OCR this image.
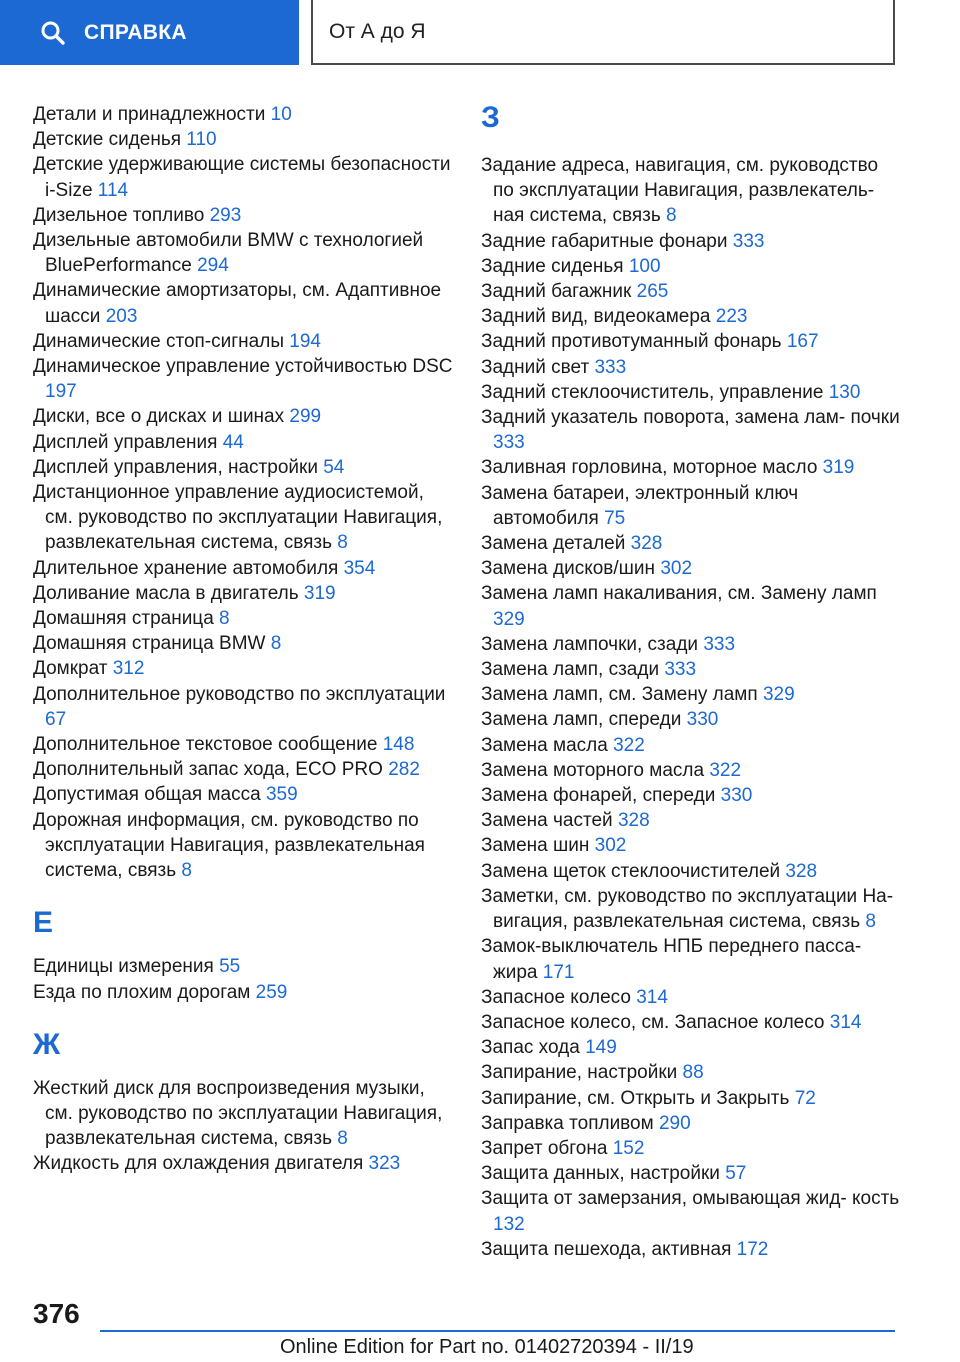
СПРАВКА	От А до Я
Детали и принадлежности 10
Детские сиденья 110
Детские удерживающие системы безопасности i-Size 114
Дизельное топливо 293
Дизельные автомобили BMW с технологией BluePerformance 294
Динамические амортизаторы, см. Адаптивное шасси 203
Динамические стоп-сигналы 194
Динамическое управление устойчивостью DSC 197
Диски, все о дисках и шинах 299
Дисплей управления 44
Дисплей управления, настройки 54
Дистанционное управление аудиосистемой, см. руководство по эксплуатации Навигация, развлекательная система, связь 8
Длительное хранение автомобиля 354
Доливание масла в двигатель 319
Домашняя страница 8
Домашняя страница BMW 8
Домкрат 312
Дополнительное руководство по эксплуатации 67
Дополнительное текстовое сообщение 148
Дополнительный запас хода, ECO PRO 282
Допустимая общая масса 359
Дорожная информация, см. руководство по эксплуатации Навигация, развлекательная система, связь 8
Е
Единицы измерения 55
Езда по плохим дорогам 259
Ж
Жесткий диск для воспроизведения музыки, см. руководство по эксплуатации Навигация, развлекательная система, связь 8
Жидкость для охлаждения двигателя 323
З
Задание адреса, навигация, см. руководство по эксплуатации Навигация, развлекатель- ная система, связь 8
Задние габаритные фонари 333
Задние сиденья 100
Задний багажник 265
Задний вид, видеокамера 223
Задний противотуманный фонарь 167
Задний свет 333
Задний стеклоочиститель, управление 130
Задний указатель поворота, замена лам- почки 333
Заливная горловина, моторное масло 319
Замена батареи, электронный ключ автомобиля 75
Замена деталей 328
Замена дисков/шин 302
Замена ламп накаливания, см. Замену ламп 329
Замена лампочки, сзади 333
Замена ламп, сзади 333
Замена ламп, см. Замену ламп 329
Замена ламп, спереди 330
Замена масла 322
Замена моторного масла 322
Замена фонарей, спереди 330
Замена частей 328
Замена шин 302
Замена щеток стеклоочистителей 328
Заметки, см. руководство по эксплуатации На- вигация, развлекательная система, связь 8
Замок-выключатель НПБ переднего пасса- жира 171
Запасное колесо 314
Запасное колесо, см. Запасное колесо 314
Запас хода 149
Запирание, настройки 88
Запирание, см. Открыть и Закрыть 72
Заправка топливом 290
Запрет обгона 152
Защита данных, настройки 57
Защита от замерзания, омывающая жид- кость 132
Защита пешехода, активная 172
376
Online Edition for Part no. 01402720394 - II/19
